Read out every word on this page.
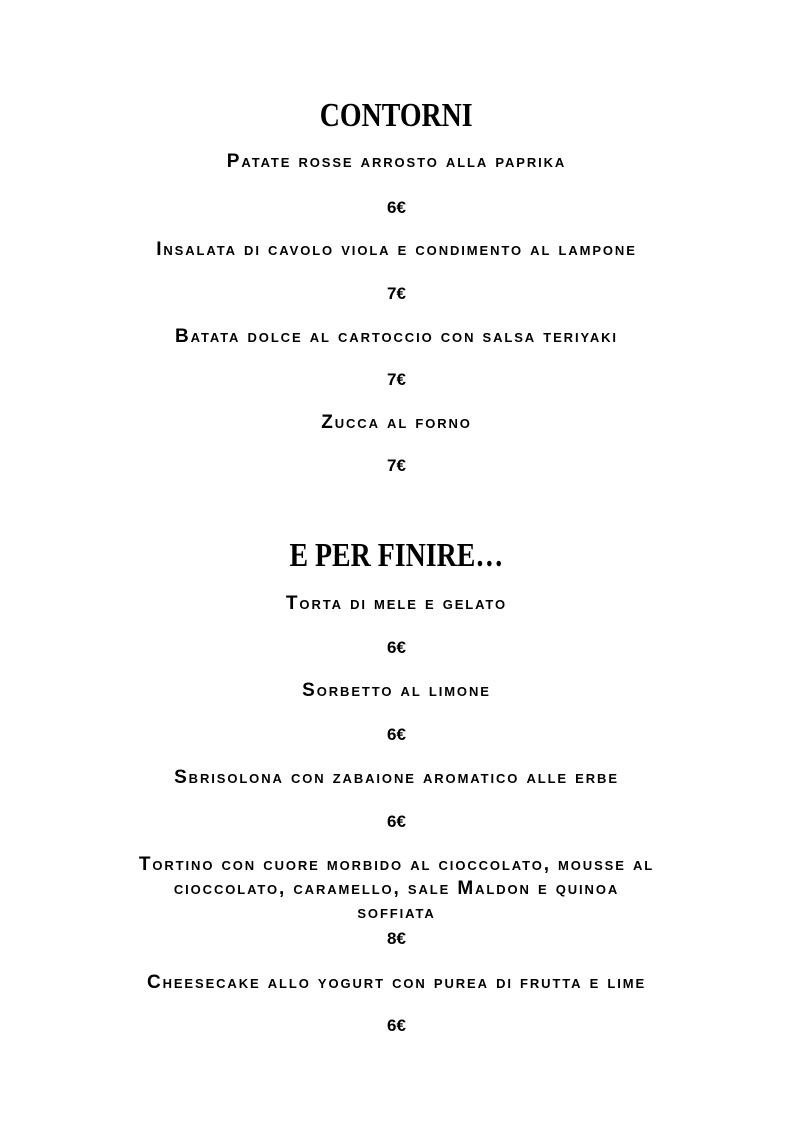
CONTORNI
Patate rosse arrosto alla paprika
6€
Insalata di cavolo viola e condimento al lampone
7€
Batata dolce al cartoccio con salsa teriyaki
7€
Zucca al forno
7€
E PER FINIRE…
Torta di mele e gelato
6€
Sorbetto al limone
6€
Sbrisolona con zabaione aromatico alle erbe
6€
Tortino con cuore morbido al cioccolato, mousse al
cioccolato, caramello, sale Maldon e quinoa
soffiata
8€
Cheesecake allo yogurt con purea di frutta e lime
6€
